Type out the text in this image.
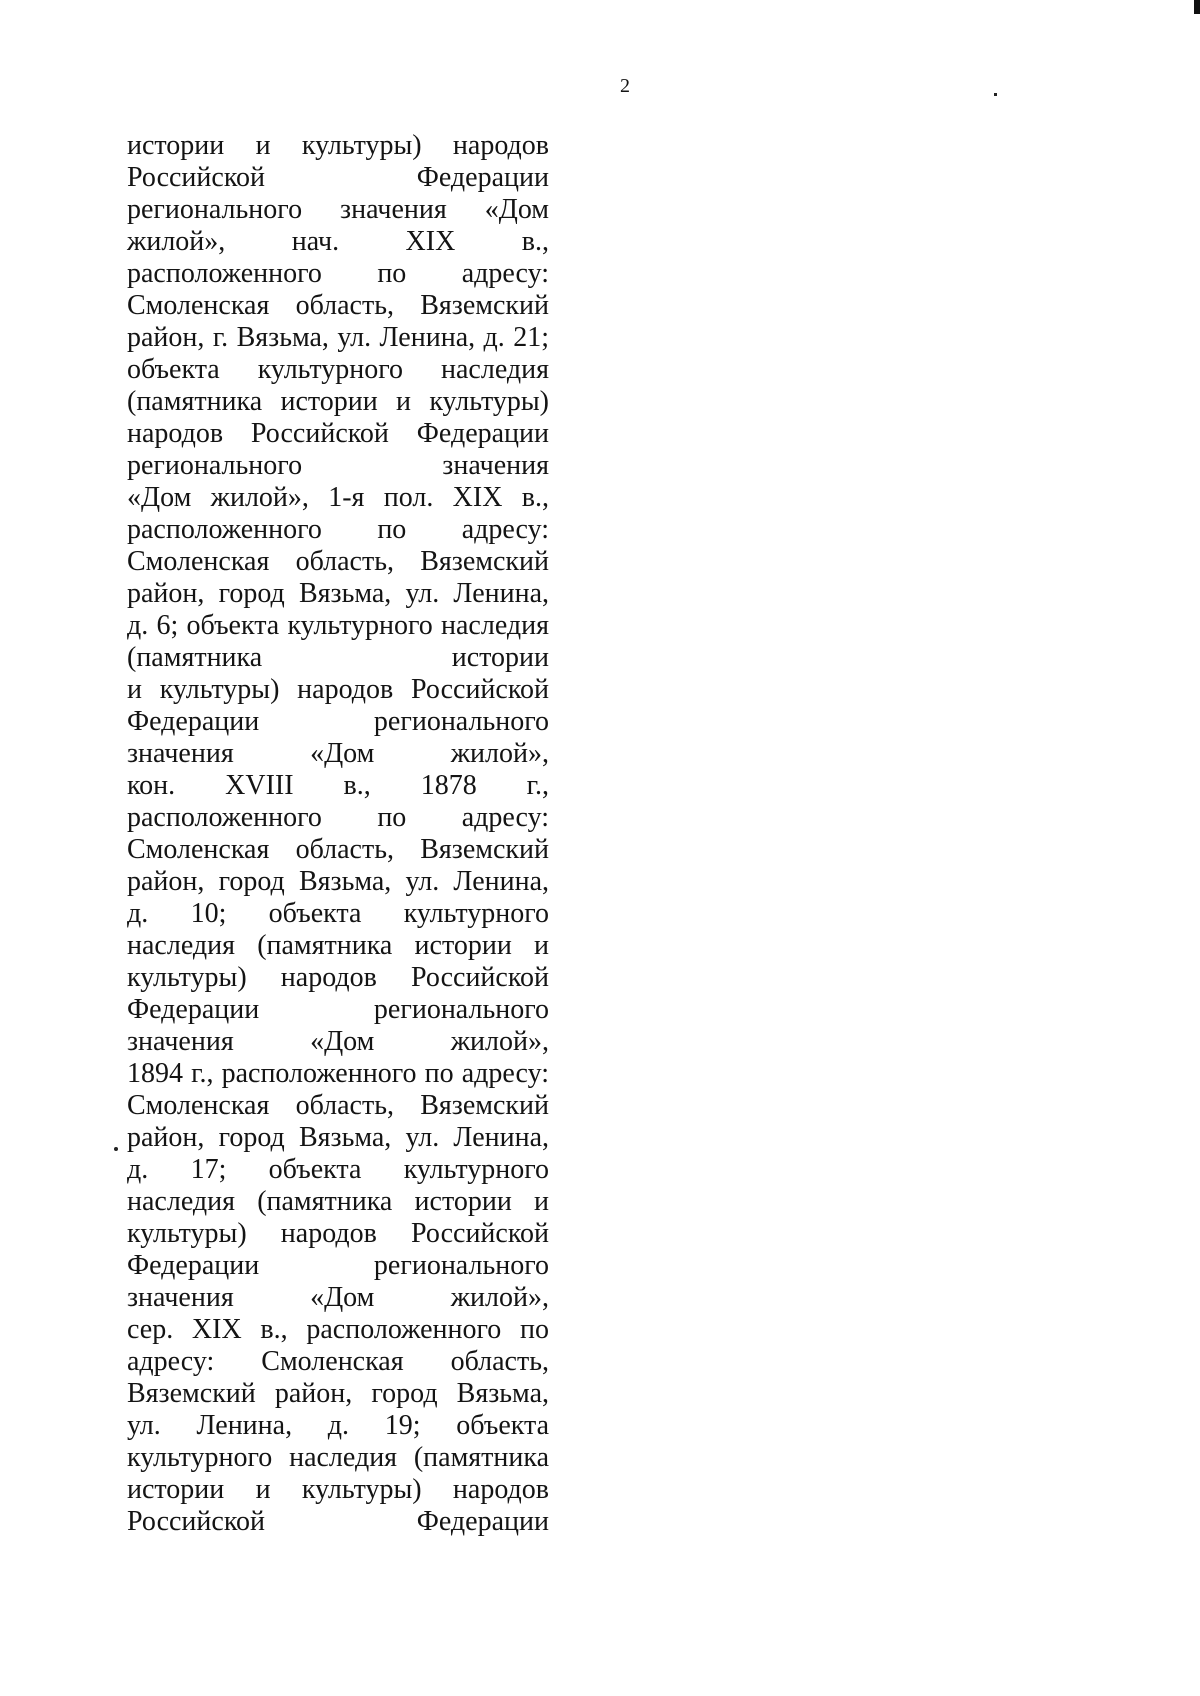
2
истории и культуры) народов
Российской Федерации
регионального значения «Дом
жилой», нач. XIX в.,
расположенного по адресу:
Смоленская область, Вяземский
район, г. Вязьма, ул. Ленина, д. 21;
объекта культурного наследия
(памятника истории и культуры)
народов Российской Федерации
регионального значения
«Дом жилой», 1-я пол. XIX в.,
расположенного по адресу:
Смоленская область, Вяземский
район, город Вязьма, ул. Ленина,
д. 6; объекта культурного наследия
(памятника истории
и культуры) народов Российской
Федерации регионального
значения «Дом жилой»,
кон. XVIII в., 1878 г.,
расположенного по адресу:
Смоленская область, Вяземский
район, город Вязьма, ул. Ленина,
д. 10; объекта культурного
наследия (памятника истории и
культуры) народов Российской
Федерации регионального
значения «Дом жилой»,
1894 г., расположенного по адресу:
Смоленская область, Вяземский
район, город Вязьма, ул. Ленина,
д. 17; объекта культурного
наследия (памятника истории и
культуры) народов Российской
Федерации регионального
значения «Дом жилой»,
сер. XIX в., расположенного по
адресу: Смоленская область,
Вяземский район, город Вязьма,
ул. Ленина, д. 19; объекта
культурного наследия (памятника
истории и культуры) народов
Российской Федерации
